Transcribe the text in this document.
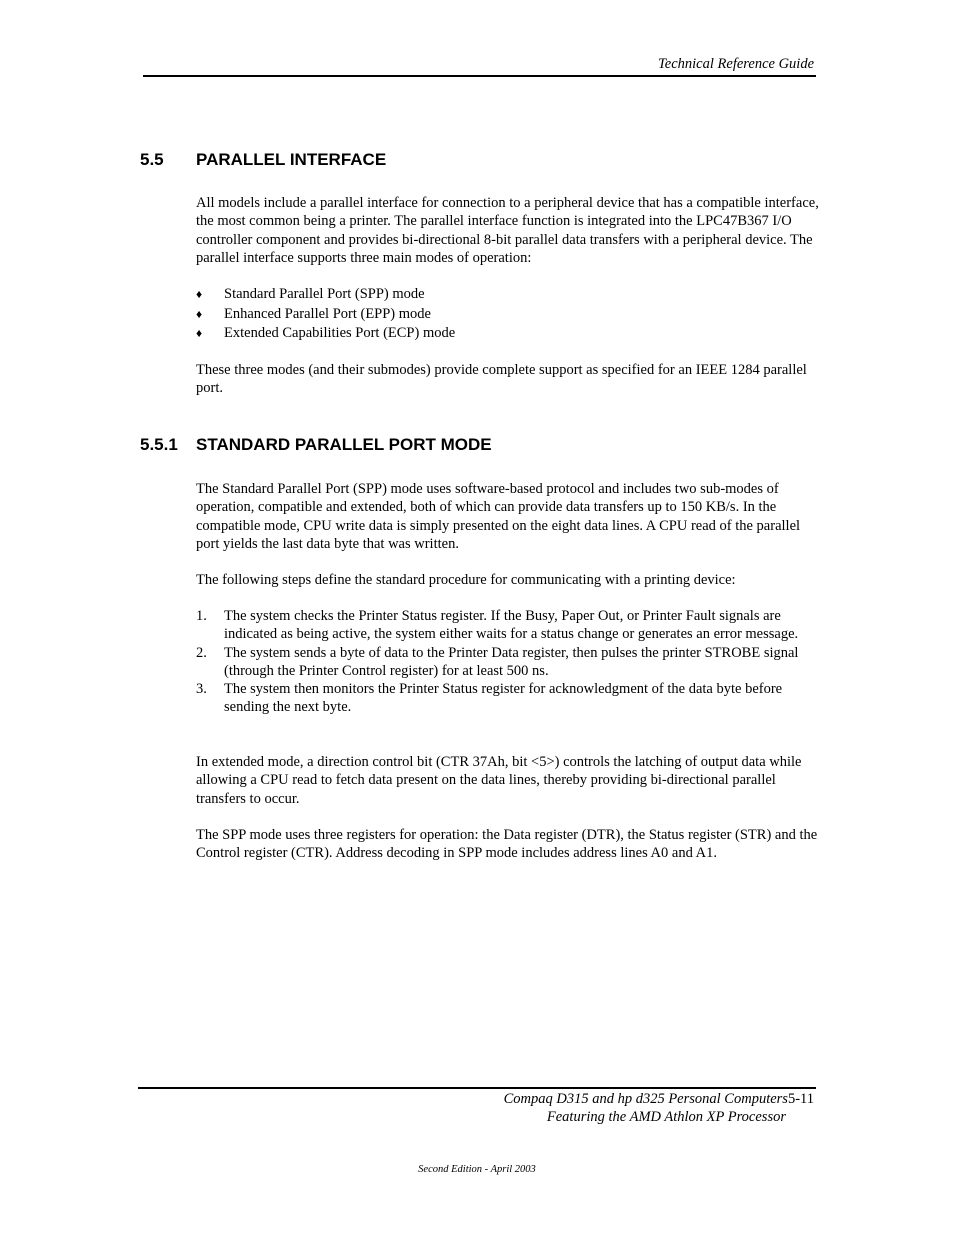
Technical Reference Guide
5.5 PARALLEL INTERFACE

All models include a parallel interface for connection to a peripheral device that has a compatible interface, the most common being a printer. The parallel interface function is integrated into the LPC47B367 I/O controller component and provides bi-directional 8-bit parallel data transfers with a peripheral device. The parallel interface supports three main modes of operation:

♦ Standard Parallel Port (SPP) mode
♦ Enhanced Parallel Port (EPP) mode
♦ Extended Capabilities Port (ECP) mode

These three modes (and their submodes) provide complete support as specified for an IEEE 1284 parallel port.

5.5.1 STANDARD PARALLEL PORT MODE

The Standard Parallel Port (SPP) mode uses software-based protocol and includes two sub-modes of operation, compatible and extended, both of which can provide data transfers up to 150 KB/s. In the compatible mode, CPU write data is simply presented on the eight data lines. A CPU read of the parallel port yields the last data byte that was written.

The following steps define the standard procedure for communicating with a printing device:

1. The system checks the Printer Status register. If the Busy, Paper Out, or Printer Fault signals are indicated as being active, the system either waits for a status change or generates an error message.
2. The system sends a byte of data to the Printer Data register, then pulses the printer STROBE signal (through the Printer Control register) for at least 500 ns.
3. The system then monitors the Printer Status register for acknowledgment of the data byte before sending the next byte.

In extended mode, a direction control bit (CTR 37Ah, bit <5>) controls the latching of output data while allowing a CPU read to fetch data present on the data lines, thereby providing bi-directional parallel transfers to occur.

The SPP mode uses three registers for operation: the Data register (DTR), the Status register (STR) and the Control register (CTR). Address decoding in SPP mode includes address lines A0 and A1.

Compaq D315 and hp d325 Personal Computers5-11
Featuring the AMD Athlon XP Processor
Second Edition - April 2003
